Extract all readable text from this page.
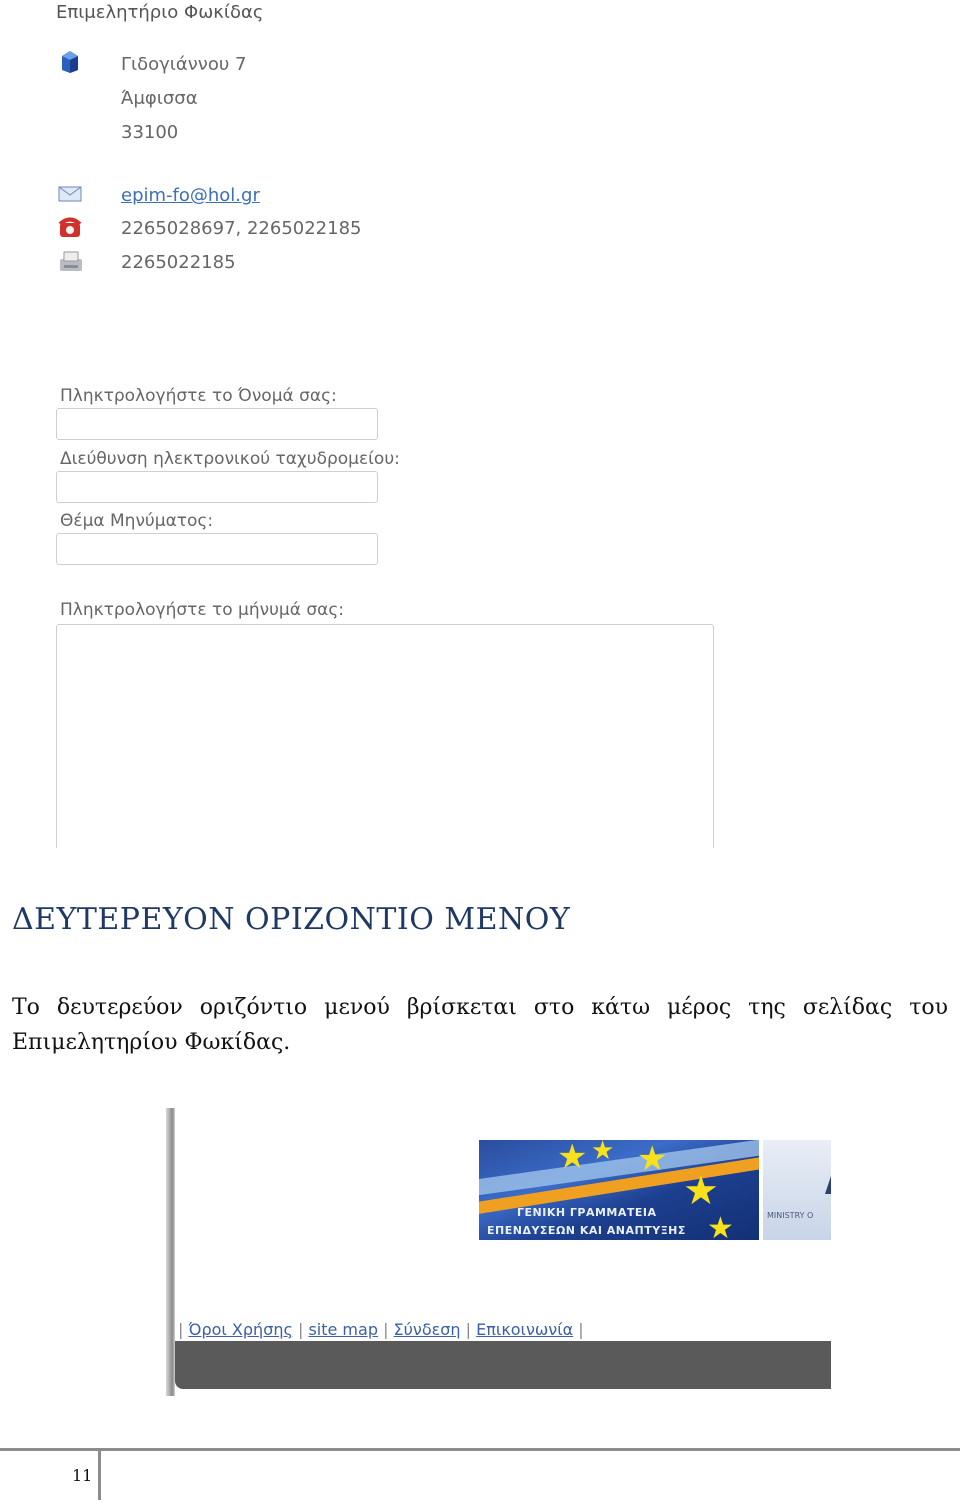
Επιμελητήριο Φωκίδας
Γιδογιάννου 7
Άμφισσα
33100
epim-fo@hol.gr
2265028697, 2265022185
2265022185
Πληκτρολογήστε το Όνομά σας:
Διεύθυνση ηλεκτρονικού ταχυδρομείου:
Θέμα Μηνύματος:
Πληκτρολογήστε το μήνυμά σας:
ΔΕΥΤΕΡΕΥΟΝ ΟΡΙΖΟΝΤΙΟ ΜΕΝΟΥ
Το δευτερεύον οριζόντιο μενού βρίσκεται στο κάτω μέρος της σελίδας του
Επιμελητηρίου Φωκίδας.
★ ★ ★
★
★
ΓΕΝΙΚΗ ΓΡΑΜΜΑΤΕΙΑ
ΕΠΕΝΔΥΣΕΩΝ ΚΑΙ ΑΝΑΠΤΥΞΗΣ
MINISTRY O
| Όροι Χρήσης | site map | Σύνδεση | Επικοινωνία |
11
